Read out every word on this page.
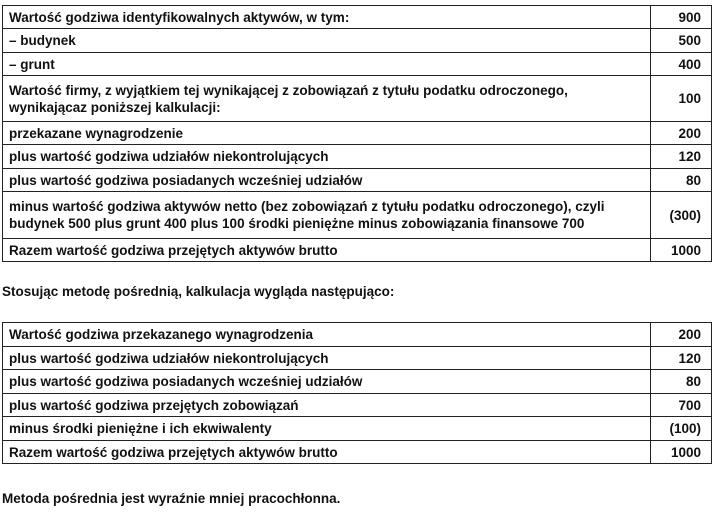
Wartość godziwa identyfikowalnych aktywów, w tym:	900
– budynek	500
– grunt	400
Wartość firmy, z wyjątkiem tej wynikającej z zobowiązań z tytułu podatku odroczonego, wynikającaz poniższej kalkulacji:	100
przekazane wynagrodzenie	200
plus wartość godziwa udziałów niekontrolujących	120
plus wartość godziwa posiadanych wcześniej udziałów	80
minus wartość godziwa aktywów netto (bez zobowiązań z tytułu podatku odroczonego), czyli budynek 500 plus grunt 400 plus 100 środki pieniężne minus zobowiązania finansowe 700	(300)
Razem wartość godziwa przejętych aktywów brutto	1000

Stosując metodę pośrednią, kalkulacja wygląda następująco:

Wartość godziwa przekazanego wynagrodzenia	200
plus wartość godziwa udziałów niekontrolujących	120
plus wartość godziwa posiadanych wcześniej udziałów	80
plus wartość godziwa przejętych zobowiązań	700
minus środki pieniężne i ich ekwiwalenty	(100)
Razem wartość godziwa przejętych aktywów brutto	1000

Metoda pośrednia jest wyraźnie mniej pracochłonna.
